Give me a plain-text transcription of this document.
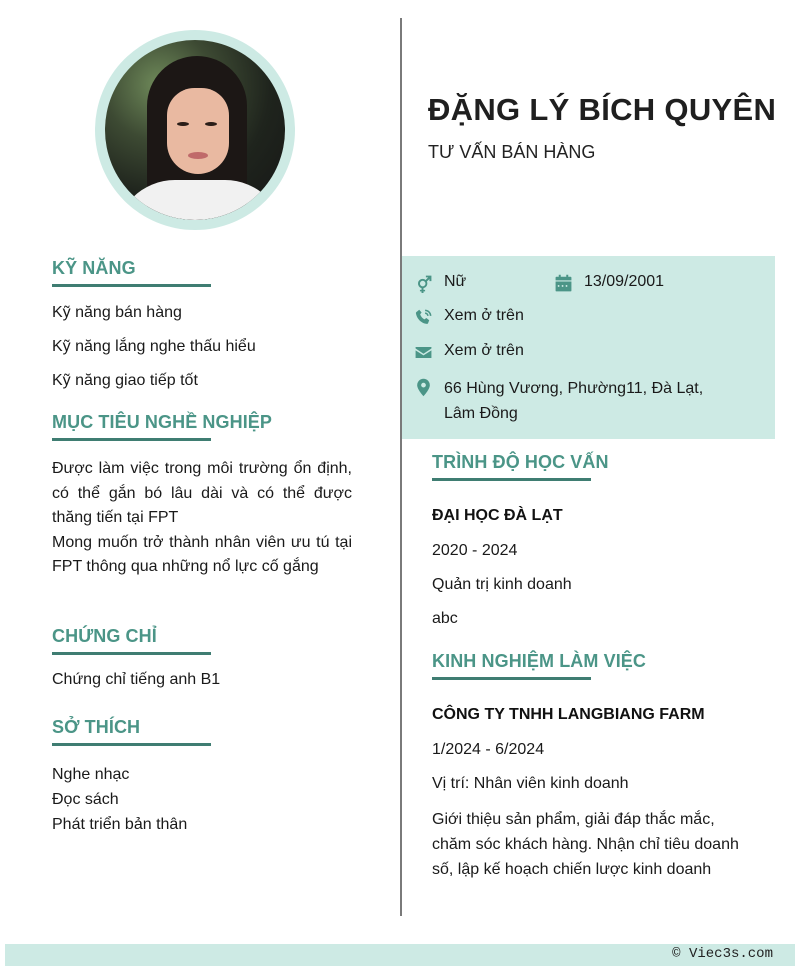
KỸ NĂNG
Kỹ năng bán hàng
Kỹ năng lắng nghe thấu hiểu
Kỹ năng giao tiếp tốt
MỤC TIÊU NGHỀ NGHIỆP
Được làm việc trong môi trường ổn định, có thể gắn bó lâu dài và có thể được thăng tiến tại FPT
Mong muốn trở thành nhân viên ưu tú tại FPT thông qua những nổ lực cố gắng
CHỨNG CHỈ
Chứng chỉ tiếng anh B1
SỞ THÍCH
Nghe nhạc
Đọc sách
Phát triển bản thân
ĐẶNG LÝ BÍCH QUYÊN
TƯ VẤN BÁN HÀNG
Nữ	13/09/2001
Xem ở trên
Xem ở trên
66 Hùng Vương, Phường11, Đà Lạt,
Lâm Đồng
TRÌNH ĐỘ HỌC VẤN
ĐẠI HỌC ĐÀ LẠT
2020 - 2024
Quản trị kinh doanh
abc
KINH NGHIỆM LÀM VIỆC
CÔNG TY TNHH LANGBIANG FARM
1/2024 - 6/2024
Vị trí: Nhân viên kinh doanh
Giới thiệu sản phẩm, giải đáp thắc mắc, chăm sóc khách hàng. Nhận chỉ tiêu doanh số, lập kế hoạch chiến lược kinh doanh
© Viec3s.com
